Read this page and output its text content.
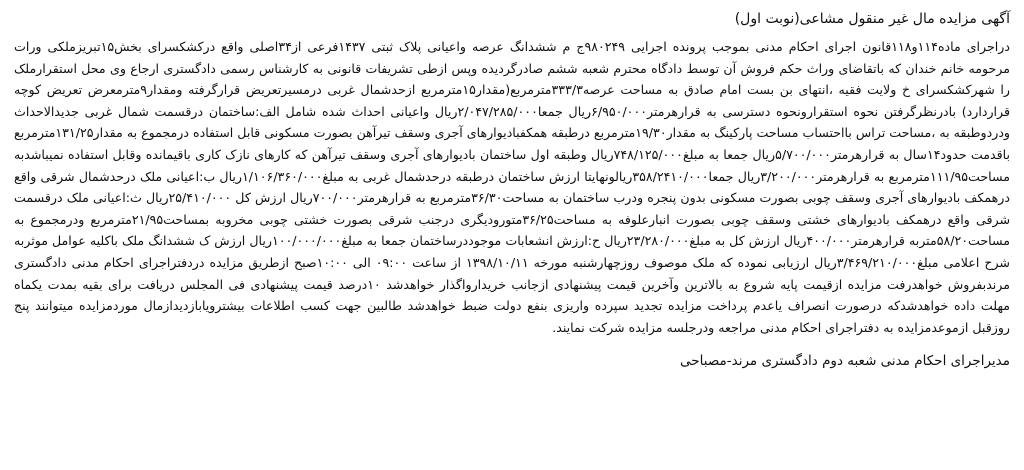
آگهی مزایده مال غیر منقول مشاعی(نوبت اول)

دراجرای ماده۱۱۴و۱۱۸قانون اجرای احکام مدنی بموجب پرونده اجرایی ۹۸۰۲۴۹ج م ششدانگ عرصه واعیانی پلاک ثبتی ۱۴۳۷فرعی از۳۴اصلی واقع درکشکسرای بخش۱۵تبریزملکی ورات مرحومه خانم خندان که باتقاضای وراث حکم فروش آن توسط دادگاه محترم شعبه ششم صادرگردیده وپس ازطی تشریفات قانونی به کارشناس رسمی دادگستری ارجاع وی محل استقرارملک را شهرکشکسرای خ ولایت فقیه ،انتهای بن بست امام صادق به مساحت عرصه۳۳۳/۳مترمربع(مقدار۱۵مترمربع ازحدشمال غربی درمسیرتعریض قرارگرفته ومقدار۹مترمعرض تعریض کوچه قراردارد) بادرنظرگرفتن نحوه استقرارونحوه دسترسی به قرارهرمتر۶/۹۵۰/۰۰۰ریال جمعا۲/۰۴۷/۲۸۵/۰۰۰ریال واعیانی احداث شده شامل الف:ساختمان درقسمت شمال غربی جدیدالاحداث ودردوطبقه به ،مساحت تراس بااحتساب مساحت پارکینگ به مقدار۱۹/۳۰مترمربع درطبقه همکفبادیوارهای آجری وسقف تیرآهن بصورت مسکونی قابل استفاده درمجموع به مقدار۱۳۱/۲۵مترمربع باقدمت حدود۱۴سال به قرارهرمتر۵/۷۰۰/۰۰۰ریال جمعا به مبلغ۷۴۸/۱۲۵/۰۰۰ریال وطبقه اول ساختمان بادیوارهای آجری وسقف تیرآهن که کارهای نازک کاری باقیمانده وقابل استفاده نمیباشدبه مساحت۱۱۱/۹۵مترمربع به قرارهرمتر۳/۲۰۰/۰۰۰ریال جمعا۳۵۸/۲۴۱۰/۰۰۰ریالونهایتا ارزش ساختمان درطبقه درحدشمال غربی به مبلغ۱/۱۰۶/۳۶۰/۰۰۰ریال ب:اعیانی ملک درحدشمال شرقی واقع درهمکف بادیوارهای آجری وسقف چوبی بصورت مسکونی بدون پنجره ودرب ساختمان به مساحت۳۶/۳۰مترمربع به قرارهرمتر۷۰۰/۰۰۰ریال ارزش کل ۲۵/۴۱۰/۰۰۰ریال ث:اعیانی ملک درقسمت شرقی واقع درهمکف بادیوارهای خشتی وسقف چوبی بصورت انبارعلوفه به مساحت۳۶/۲۵متورودیگری درجنب شرقی بصورت خشتی چوبی مخروبه بمساحت۲۱/۹۵مترمربع ودرمجموع به مساحت۵۸/۲۰متربه قرارهرمتر۴۰۰/۰۰۰ریال ارزش کل به مبلغ۲۳/۲۸۰/۰۰۰ریال ح:ارزش انشعابات موجوددرساختمان جمعا به مبلغ۱۰۰/۰۰۰/۰۰۰ریال ارزش ک ششدانگ ملک باکلیه عوامل موثربه شرح اعلامی مبلغ۳/۴۶۹/۲۱۰/۰۰۰ریال ارزیابی نموده که ملک موصوف روزچهارشنبه مورخه ۱۳۹۸/۱۰/۱۱ از ساعت ۰۹:۰۰ الی ۱۰:۰۰صبح ازطریق مزایده دردفتراجرای احکام مدنی دادگستری مرندبفروش خواهدرفت مزایده ازقیمت پایه شروع به بالاترین وآخرین قیمت پیشنهادی ازجانب خریدارواگذار خواهدشد ۱۰درصد قیمت پیشنهادی فی المجلس دریافت برای بقیه بمدت یکماه مهلت داده خواهدشدکه درصورت انصراف یاعدم پرداخت مزایده تجدید سپرده واریزی بنفع دولت ضبط خواهدشد طالبین جهت کسب اطلاعات بیشترویابازدیدازمال موردمزایده میتوانند پنج روزقبل ازموعدمزایده به دفتراجرای احکام مدنی مراجعه ودرجلسه مزایده شرکت نمایند.

مدیراجرای احکام مدنی شعبه دوم دادگستری مرند-مصباحی
